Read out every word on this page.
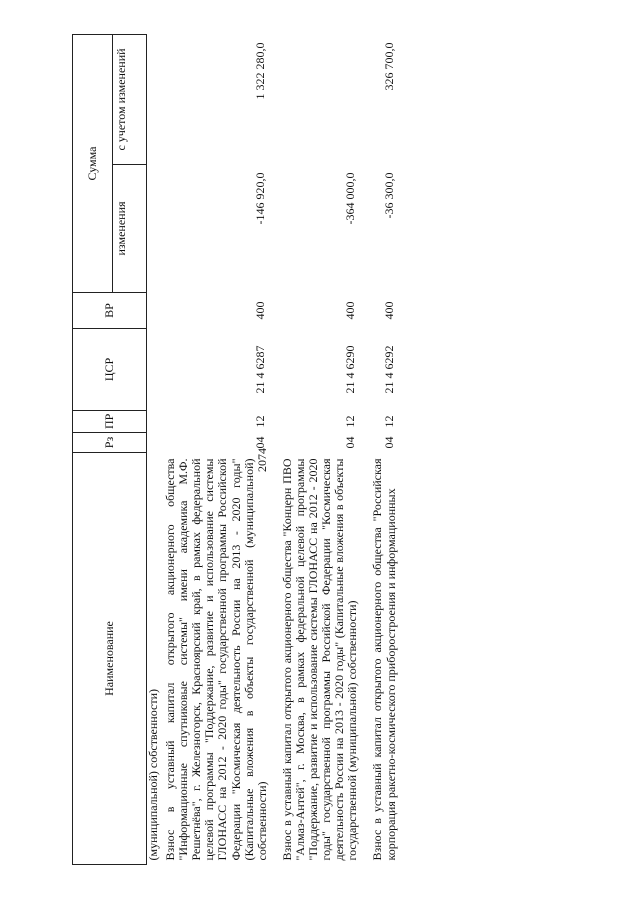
2074
Наименование	Рз	ПР	ЦСР	ВР	Сумма	
					изменения	с учетом изменений
(муниципальной) собственности)						
Взнос в уставный капитал открытого акционерного общества "Информационные спутниковые системы" имени академика М.Ф. Решетнёва", г. Железногорск, Красноярский край, в рамках федеральной целевой программы "Поддержание, развитие и использование системы ГЛОНАСС на 2012 - 2020 годы" государственной программы Российской Федерации "Космическая деятельность России на 2013 - 2020 годы" (Капитальные вложения в объекты государственной (муниципальной) собственности)	04	12	21 4 6287	400	-146 920,0	1 322 280,0
Взнос в уставный капитал открытого акционерного общества "Концерн ПВО "Алмаз-Антей", г. Москва, в рамках федеральной целевой программы "Поддержание, развитие и использование системы ГЛОНАСС на 2012 - 2020 годы" государственной программы Российской Федерации "Космическая деятельность России на 2013 - 2020 годы" (Капитальные вложения в объекты государственной (муниципальной) собственности)	04	12	21 4 6290	400	-364 000,0	
Взнос в уставный капитал открытого акционерного общества "Российская корпорация ракетно-космического приборостроения и информационных	04	12	21 4 6292	400	-36 300,0	326 700,0
